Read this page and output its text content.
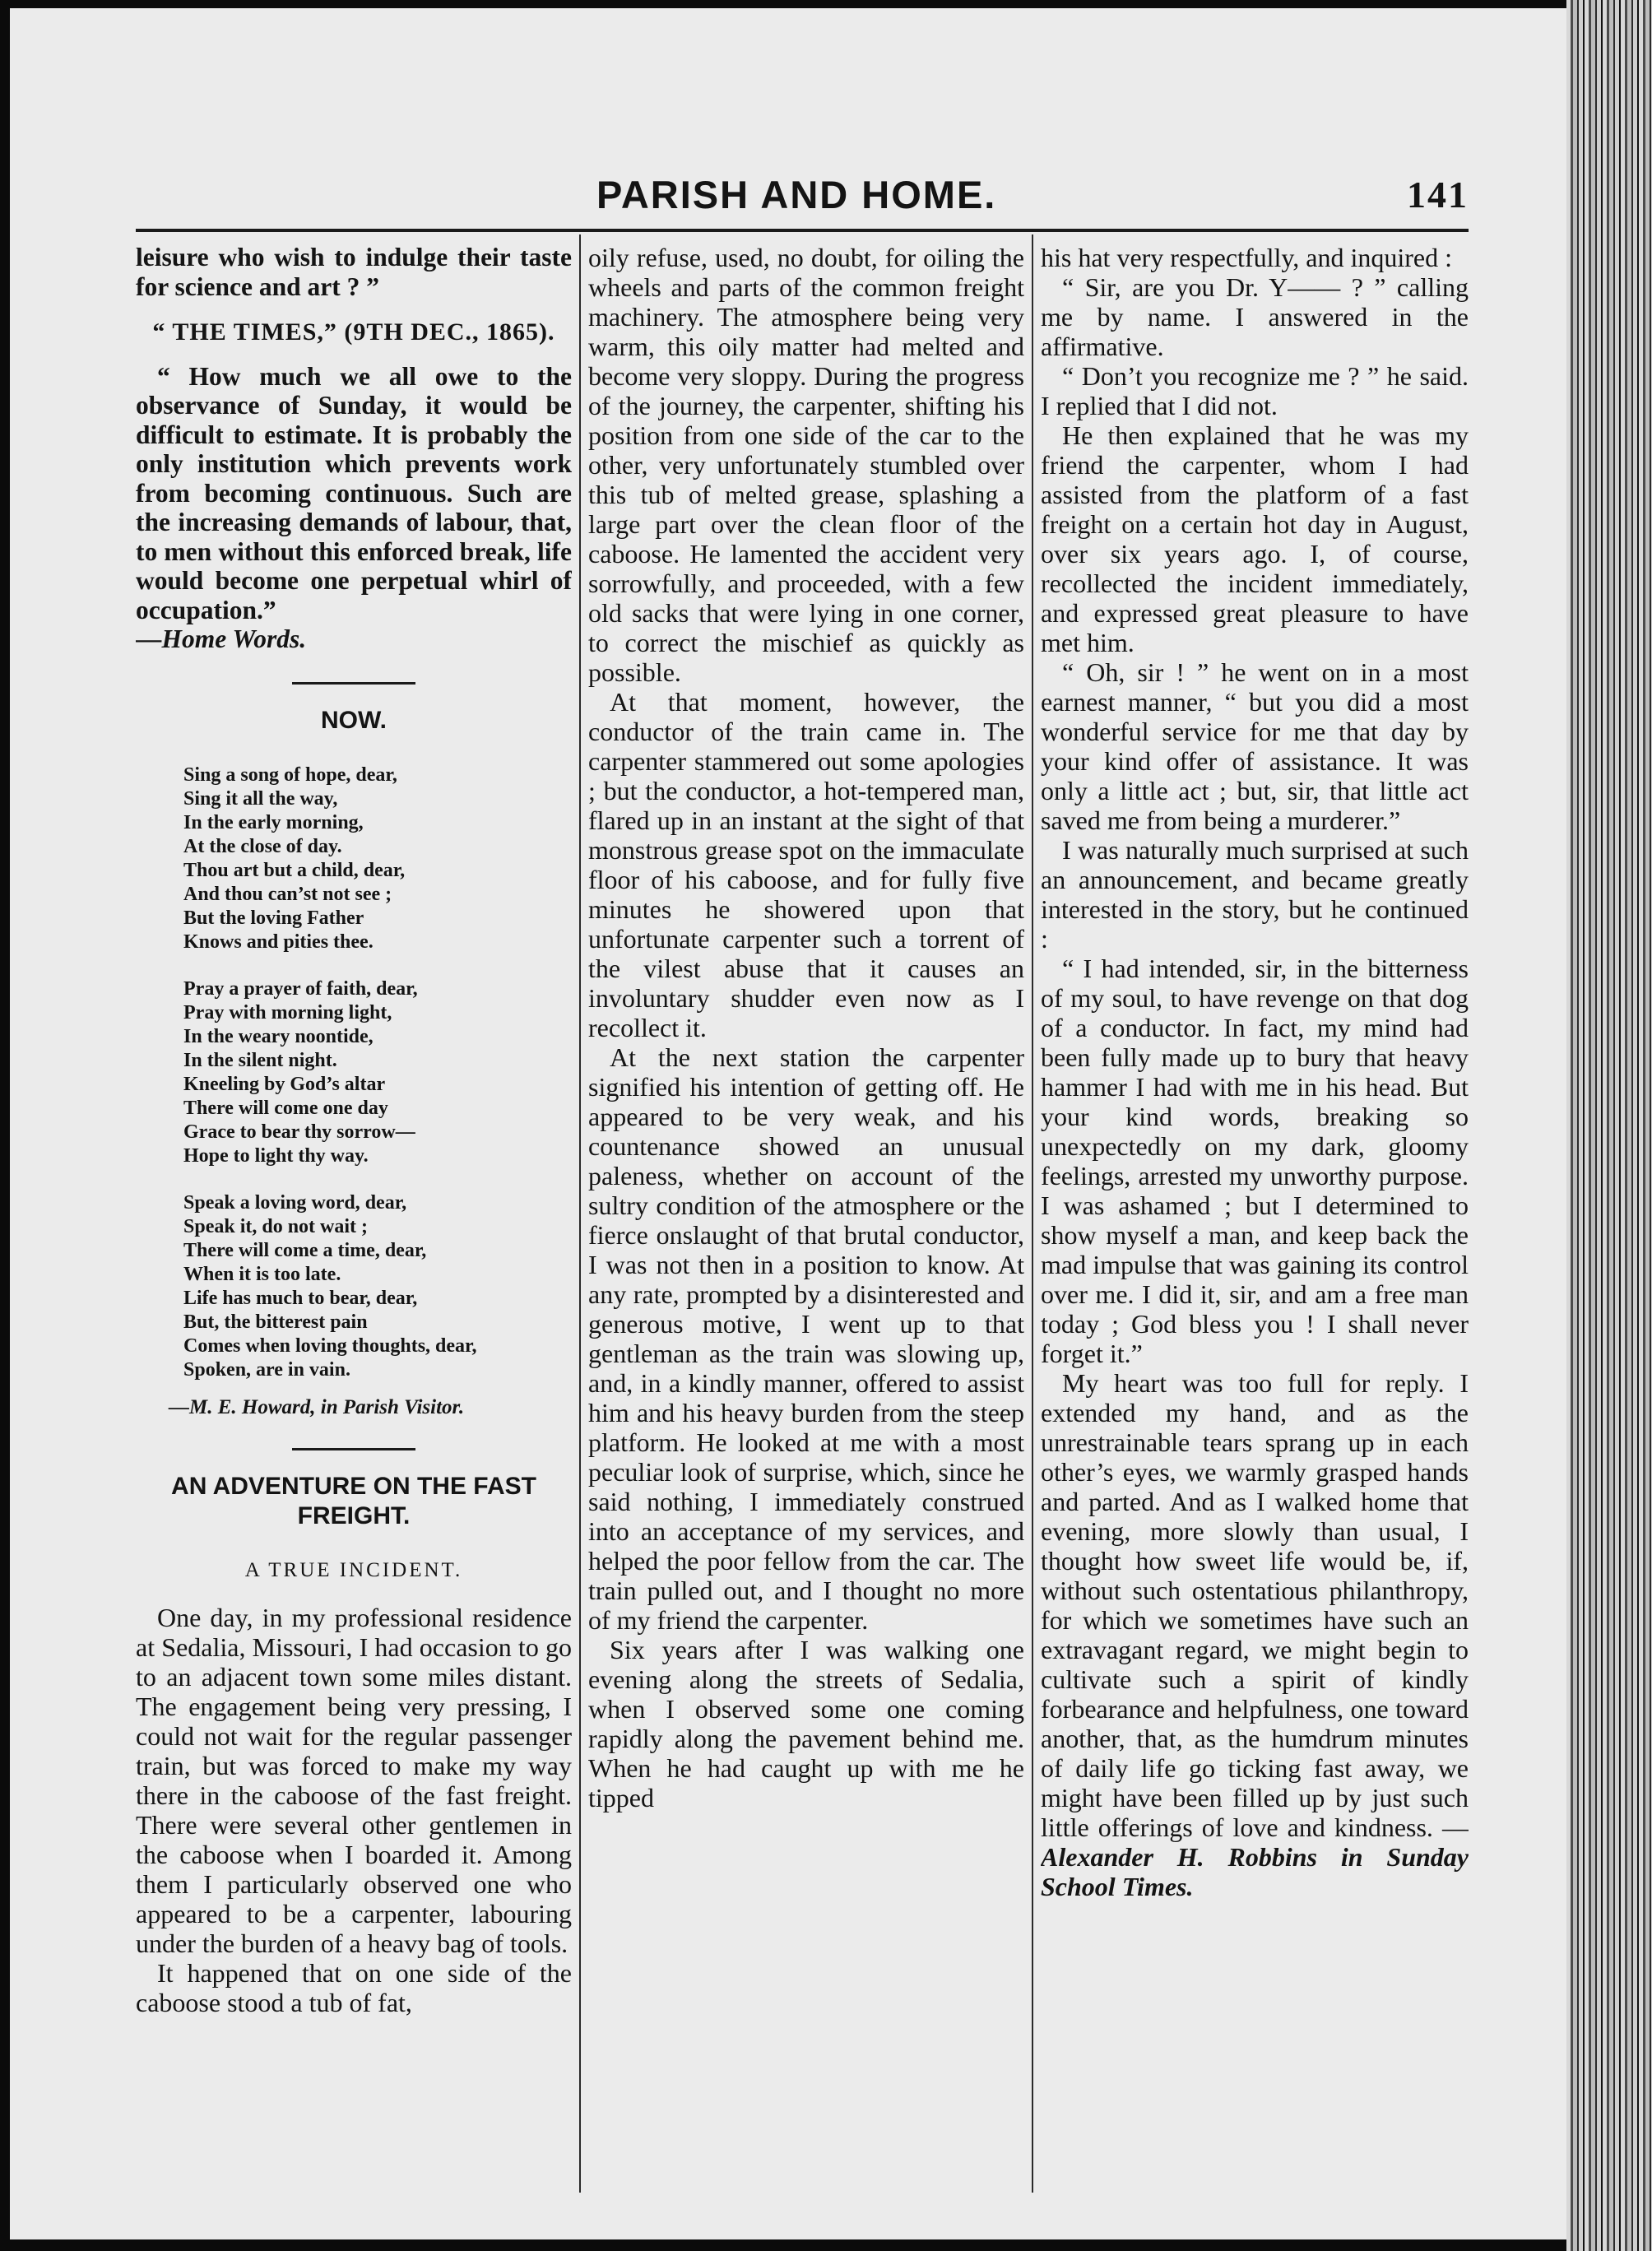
PARISH AND HOME.	141

leisure who wish to indulge their taste for science and art ? ”

“ THE TIMES,” (9TH DEC., 1865).

“ How much we all owe to the observance of Sunday, it would be difficult to estimate. It is probably the only institution which prevents work from becoming continuous. Such are the increasing demands of labour, that, to men without this enforced break, life would become one perpetual whirl of occupation.”

—Home Words.

NOW.
Sing a song of hope, dear,
Sing it all the way,
In the early morning,
At the close of day.
Thou art but a child, dear,
And thou can’st not see ;
But the loving Father
Knows and pities thee.
Pray a prayer of faith, dear,
Pray with morning light,
In the weary noontide,
In the silent night.
Kneeling by God’s altar
There will come one day
Grace to bear thy sorrow—
Hope to light thy way.
Speak a loving word, dear,
Speak it, do not wait ;
There will come a time, dear,
When it is too late.
Life has much to bear, dear,
But, the bitterest pain
Comes when loving thoughts, dear,
Spoken, are in vain.
—M. E. Howard, in Parish Visitor.
AN ADVENTURE ON THE FAST FREIGHT.
A TRUE INCIDENT.

One day, in my professional residence at Sedalia, Missouri, I had occasion to go to an adjacent town some miles distant. The engagement being very pressing, I could not wait for the regular passenger train, but was forced to make my way there in the caboose of the fast freight. There were several other gentlemen in the caboose when I boarded it. Among them I particularly observed one who appeared to be a carpenter, labouring under the burden of a heavy bag of tools.

It happened that on one side of the caboose stood a tub of fat,

oily refuse, used, no doubt, for oiling the wheels and parts of the common freight machinery. The atmosphere being very warm, this oily matter had melted and become very sloppy. During the progress of the journey, the carpenter, shifting his position from one side of the car to the other, very unfortunately stumbled over this tub of melted grease, splashing a large part over the clean floor of the caboose. He lamented the accident very sorrowfully, and proceeded, with a few old sacks that were lying in one corner, to correct the mischief as quickly as possible.

At that moment, however, the conductor of the train came in. The carpenter stammered out some apologies ; but the conductor, a hot-tempered man, flared up in an instant at the sight of that monstrous grease spot on the immaculate floor of his caboose, and for fully five minutes he showered upon that unfortunate carpenter such a torrent of the vilest abuse that it causes an involuntary shudder even now as I recollect it.

At the next station the carpenter signified his intention of getting off. He appeared to be very weak, and his countenance showed an unusual paleness, whether on account of the sultry condition of the atmosphere or the fierce onslaught of that brutal conductor, I was not then in a position to know. At any rate, prompted by a disinterested and generous motive, I went up to that gentleman as the train was slowing up, and, in a kindly manner, offered to assist him and his heavy burden from the steep platform. He looked at me with a most peculiar look of surprise, which, since he said nothing, I immediately construed into an acceptance of my services, and helped the poor fellow from the car. The train pulled out, and I thought no more of my friend the carpenter.

Six years after I was walking one evening along the streets of Sedalia, when I observed some one coming rapidly along the pavement behind me. When he had caught up with me he tipped

his hat very respectfully, and inquired :

“ Sir, are you Dr. Y—— ? ” calling me by name. I answered in the affirmative.

“ Don’t you recognize me ? ” he said. I replied that I did not.

He then explained that he was my friend the carpenter, whom I had assisted from the platform of a fast freight on a certain hot day in August, over six years ago. I, of course, recollected the incident immediately, and expressed great pleasure to have met him.

“ Oh, sir ! ” he went on in a most earnest manner, “ but you did a most wonderful service for me that day by your kind offer of assistance. It was only a little act ; but, sir, that little act saved me from being a murderer.”

I was naturally much surprised at such an announcement, and became greatly interested in the story, but he continued :

“ I had intended, sir, in the bitterness of my soul, to have revenge on that dog of a conductor. In fact, my mind had been fully made up to bury that heavy hammer I had with me in his head. But your kind words, breaking so unexpectedly on my dark, gloomy feelings, arrested my unworthy purpose. I was ashamed ; but I determined to show myself a man, and keep back the mad impulse that was gaining its control over me. I did it, sir, and am a free man today ; God bless you ! I shall never forget it.”

My heart was too full for reply. I extended my hand, and as the unrestrainable tears sprang up in each other’s eyes, we warmly grasped hands and parted. And as I walked home that evening, more slowly than usual, I thought how sweet life would be, if, without such ostentatious philanthropy, for which we sometimes have such an extravagant regard, we might begin to cultivate such a spirit of kindly forbearance and helpfulness, one toward another, that, as the humdrum minutes of daily life go ticking fast away, we might have been filled up by just such little offerings of love and kindness. — Alexander H. Robbins in Sunday School Times.
